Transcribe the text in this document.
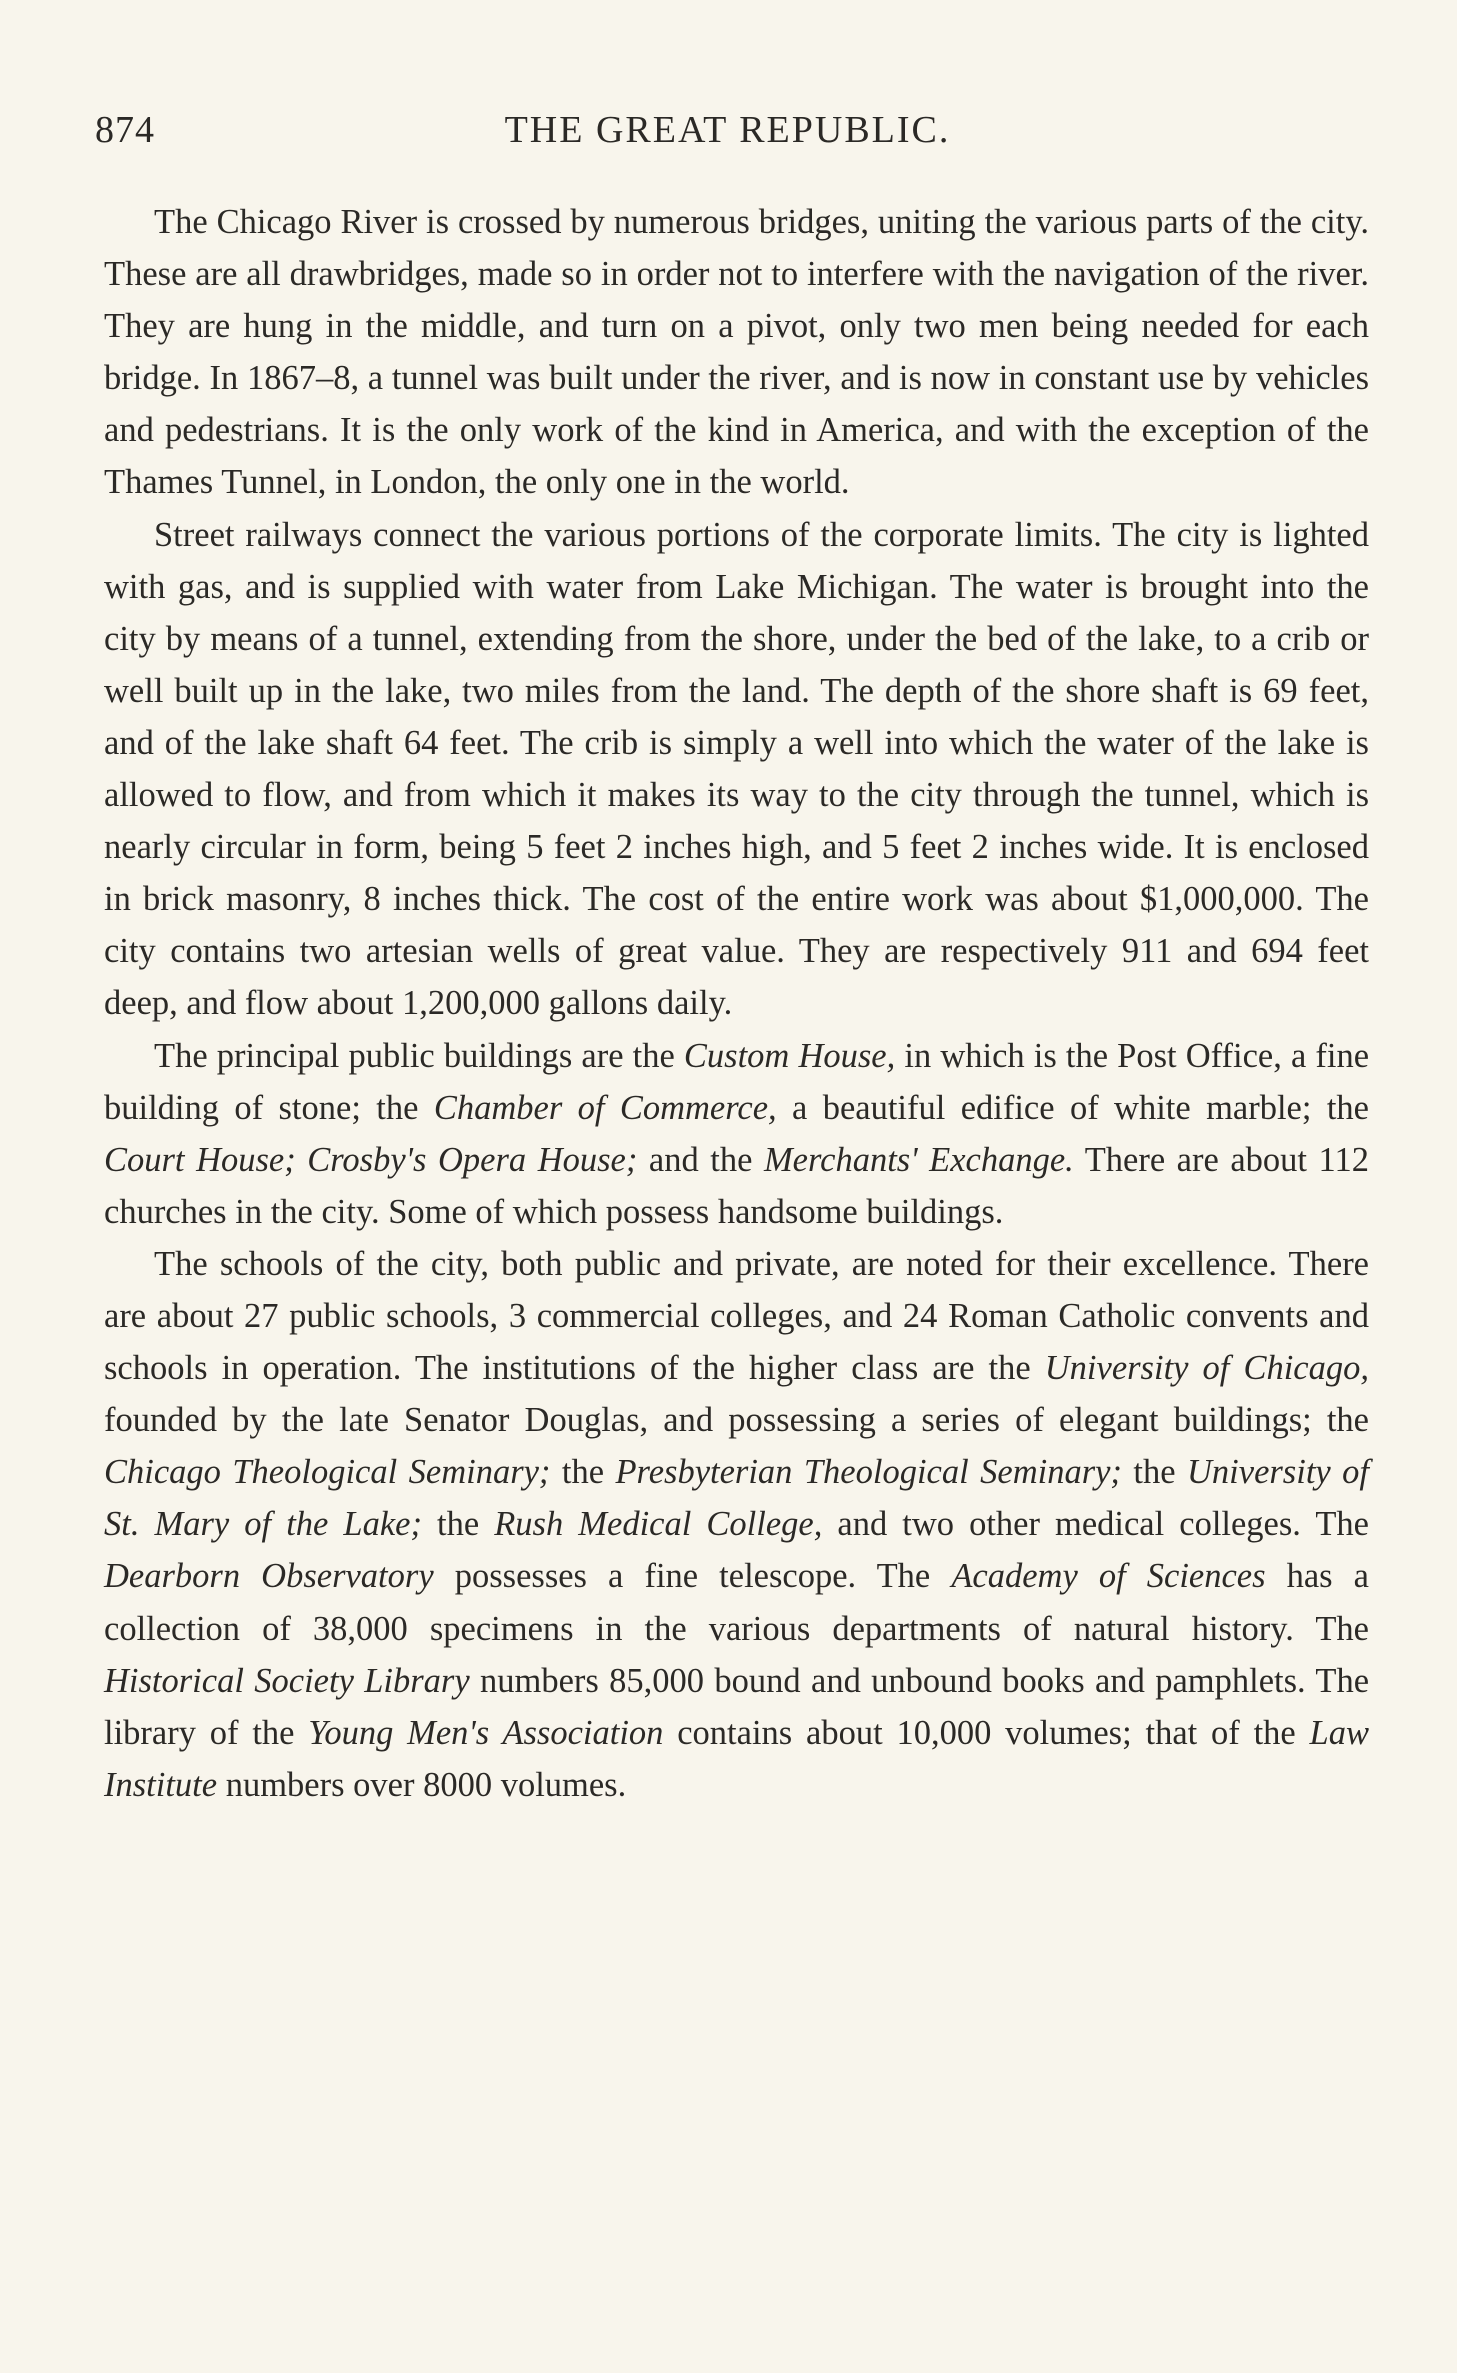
874	THE GREAT REPUBLIC.

The Chicago River is crossed by numerous bridges, uniting the various parts of the city. These are all drawbridges, made so in order not to interfere with the navigation of the river. They are hung in the middle, and turn on a pivot, only two men being needed for each bridge. In 1867–8, a tunnel was built under the river, and is now in constant use by vehicles and pedestrians. It is the only work of the kind in America, and with the exception of the Thames Tunnel, in London, the only one in the world.

Street railways connect the various portions of the corporate limits. The city is lighted with gas, and is supplied with water from Lake Michigan. The water is brought into the city by means of a tunnel, extending from the shore, under the bed of the lake, to a crib or well built up in the lake, two miles from the land. The depth of the shore shaft is 69 feet, and of the lake shaft 64 feet. The crib is simply a well into which the water of the lake is allowed to flow, and from which it makes its way to the city through the tunnel, which is nearly circular in form, being 5 feet 2 inches high, and 5 feet 2 inches wide. It is enclosed in brick masonry, 8 inches thick. The cost of the entire work was about $1,000,000. The city contains two artesian wells of great value. They are respectively 911 and 694 feet deep, and flow about 1,200,000 gallons daily.

The principal public buildings are the Custom House, in which is the Post Office, a fine building of stone; the Chamber of Commerce, a beautiful edifice of white marble; the Court House; Crosby's Opera House; and the Merchants' Exchange. There are about 112 churches in the city. Some of which possess handsome buildings.

The schools of the city, both public and private, are noted for their excellence. There are about 27 public schools, 3 commercial colleges, and 24 Roman Catholic convents and schools in operation. The institutions of the higher class are the University of Chicago, founded by the late Senator Douglas, and possessing a series of elegant buildings; the Chicago Theological Seminary; the Presbyterian Theological Seminary; the University of St. Mary of the Lake; the Rush Medical College, and two other medical colleges. The Dearborn Observatory possesses a fine telescope. The Academy of Sciences has a collection of 38,000 specimens in the various departments of natural history. The Historical Society Library numbers 85,000 bound and unbound books and pamphlets. The library of the Young Men's Association contains about 10,000 volumes; that of the Law Institute numbers over 8000 volumes.
